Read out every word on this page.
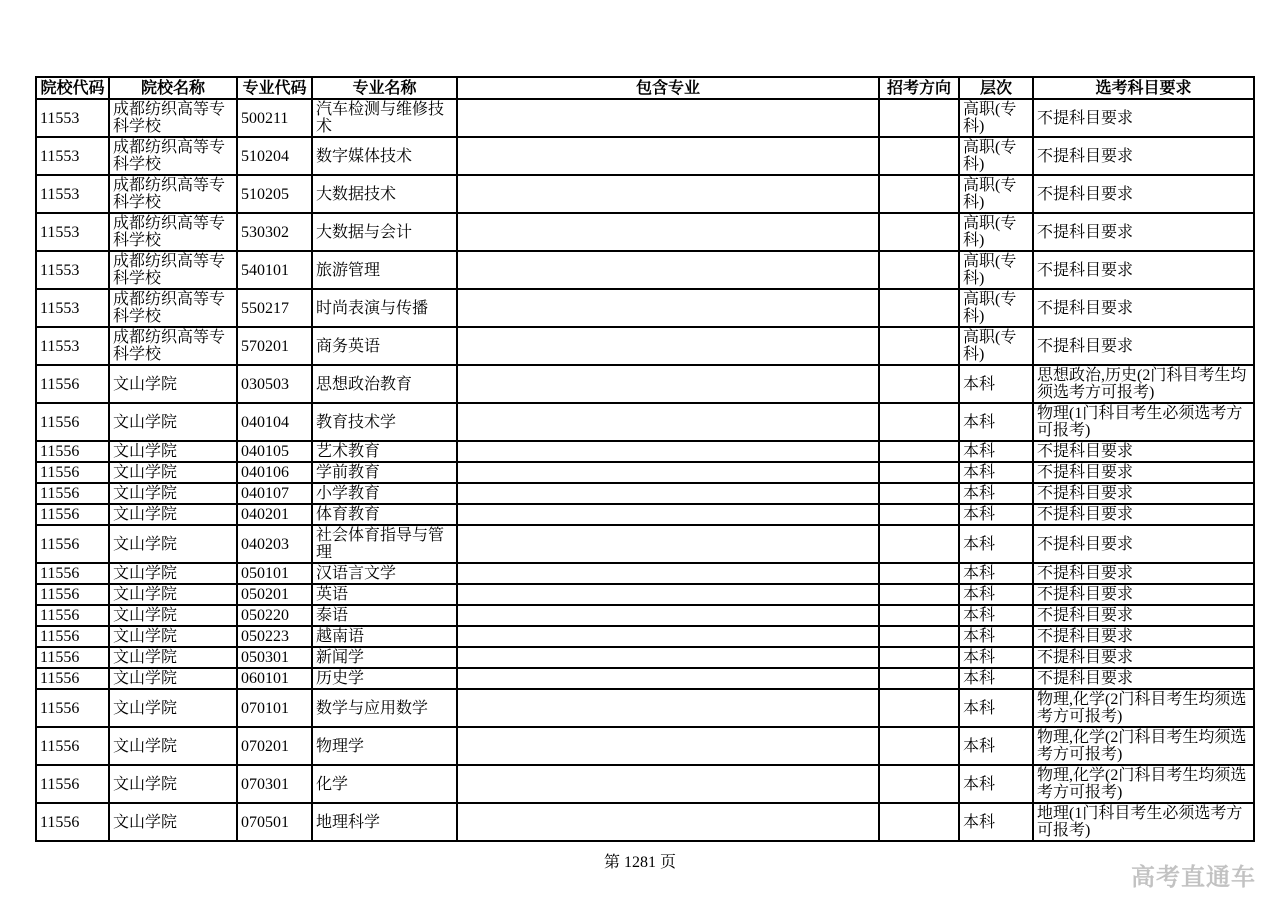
院校代码	院校名称	专业代码	专业名称	包含专业	招考方向	层次	选考科目要求
11553	成都纺织高等专科学校	500211	汽车检测与维修技术			高职(专科)	不提科目要求
11553	成都纺织高等专科学校	510204	数字媒体技术			高职(专科)	不提科目要求
11553	成都纺织高等专科学校	510205	大数据技术			高职(专科)	不提科目要求
11553	成都纺织高等专科学校	530302	大数据与会计			高职(专科)	不提科目要求
11553	成都纺织高等专科学校	540101	旅游管理			高职(专科)	不提科目要求
11553	成都纺织高等专科学校	550217	时尚表演与传播			高职(专科)	不提科目要求
11553	成都纺织高等专科学校	570201	商务英语			高职(专科)	不提科目要求
11556	文山学院	030503	思想政治教育			本科	思想政治,历史(2门科目考生均须选考方可报考)
11556	文山学院	040104	教育技术学			本科	物理(1门科目考生必须选考方可报考)
11556	文山学院	040105	艺术教育			本科	不提科目要求
11556	文山学院	040106	学前教育			本科	不提科目要求
11556	文山学院	040107	小学教育			本科	不提科目要求
11556	文山学院	040201	体育教育			本科	不提科目要求
11556	文山学院	040203	社会体育指导与管理			本科	不提科目要求
11556	文山学院	050101	汉语言文学			本科	不提科目要求
11556	文山学院	050201	英语			本科	不提科目要求
11556	文山学院	050220	泰语			本科	不提科目要求
11556	文山学院	050223	越南语			本科	不提科目要求
11556	文山学院	050301	新闻学			本科	不提科目要求
11556	文山学院	060101	历史学			本科	不提科目要求
11556	文山学院	070101	数学与应用数学			本科	物理,化学(2门科目考生均须选考方可报考)
11556	文山学院	070201	物理学			本科	物理,化学(2门科目考生均须选考方可报考)
11556	文山学院	070301	化学			本科	物理,化学(2门科目考生均须选考方可报考)
11556	文山学院	070501	地理科学			本科	地理(1门科目考生必须选考方可报考)
第 1281 页
高考直通车
